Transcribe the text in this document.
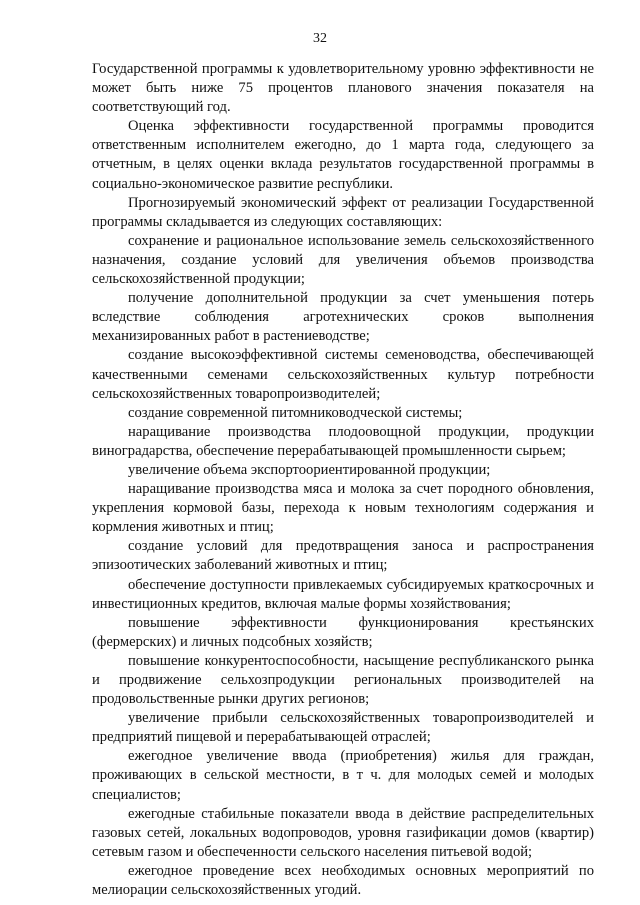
32

Государственной программы к удовлетворительному уровню эффективности не может быть ниже 75 процентов планового значения показателя на соответствующий год.

Оценка эффективности государственной программы проводится ответственным исполнителем ежегодно, до 1 марта года, следующего за отчетным, в целях оценки вклада результатов государственной программы в социально-экономическое развитие республики.

Прогнозируемый экономический эффект от реализации Государственной программы складывается из следующих составляющих:

сохранение и рациональное использование земель сельскохозяйственного назначения, создание условий для увеличения объемов производства сельскохозяйственной продукции;

получение дополнительной продукции за счет уменьшения потерь вследствие соблюдения агротехнических сроков выполнения механизированных работ в растениеводстве;

создание высокоэффективной системы семеноводства, обеспечивающей качественными семенами сельскохозяйственных культур потребности сельскохозяйственных товаропроизводителей;

создание современной питомниководческой системы;

наращивание производства плодоовощной продукции, продукции виноградарства, обеспечение перерабатывающей промышленности сырьем;

увеличение объема экспортоориентированной продукции;

наращивание производства мяса и молока за счет породного обновления, укрепления кормовой базы, перехода к новым технологиям содержания и кормления животных и птиц;

создание условий для предотвращения заноса и распространения эпизоотических заболеваний животных и птиц;

обеспечение доступности привлекаемых субсидируемых краткосрочных и инвестиционных кредитов, включая малые формы хозяйствования;

повышение эффективности функционирования крестьянских (фермерских) и личных подсобных хозяйств;

повышение конкурентоспособности, насыщение республиканского рынка и продвижение сельхозпродукции региональных производителей на продовольственные рынки других регионов;

увеличение прибыли сельскохозяйственных товаропроизводителей и предприятий пищевой и перерабатывающей отраслей;

ежегодное увеличение ввода (приобретения) жилья для граждан, проживающих в сельской местности, в т ч. для молодых семей и молодых специалистов;

ежегодные стабильные показатели ввода в действие распределительных газовых сетей, локальных водопроводов, уровня газификации домов (квартир) сетевым газом и обеспеченности сельского населения питьевой водой;

ежегодное проведение всех необходимых основных мероприятий по мелиорации сельскохозяйственных угодий.
